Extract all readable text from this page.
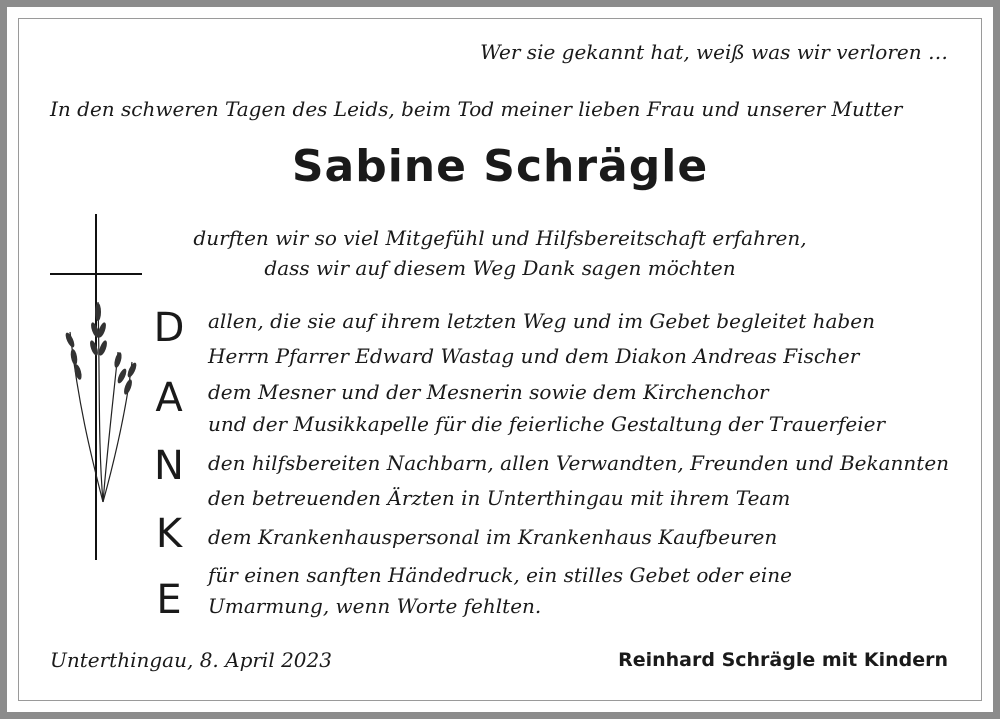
Wer sie gekannt hat, weiß was wir verloren …
In den schweren Tagen des Leids, beim Tod meiner lieben Frau und unserer Mutter
Sabine Schrägle
durften wir so viel Mitgefühl und Hilfsbereitschaft erfahren,
dass wir auf diesem Weg Dank sagen möchten
D
A
N
K
E
allen, die sie auf ihrem letzten Weg und im Gebet begleitet haben
Herrn Pfarrer Edward Wastag und dem Diakon Andreas Fischer
dem Mesner und der Mesnerin sowie dem Kirchenchor
und der Musikkapelle für die feierliche Gestaltung der Trauerfeier
den hilfsbereiten Nachbarn, allen Verwandten, Freunden und Bekannten
den betreuenden Ärzten in Unterthingau mit ihrem Team
dem Krankenhauspersonal im Krankenhaus Kaufbeuren
für einen sanften Händedruck, ein stilles Gebet oder eine
Umarmung, wenn Worte fehlten.
Unterthingau, 8. April 2023	Reinhard Schrägle mit Kindern
